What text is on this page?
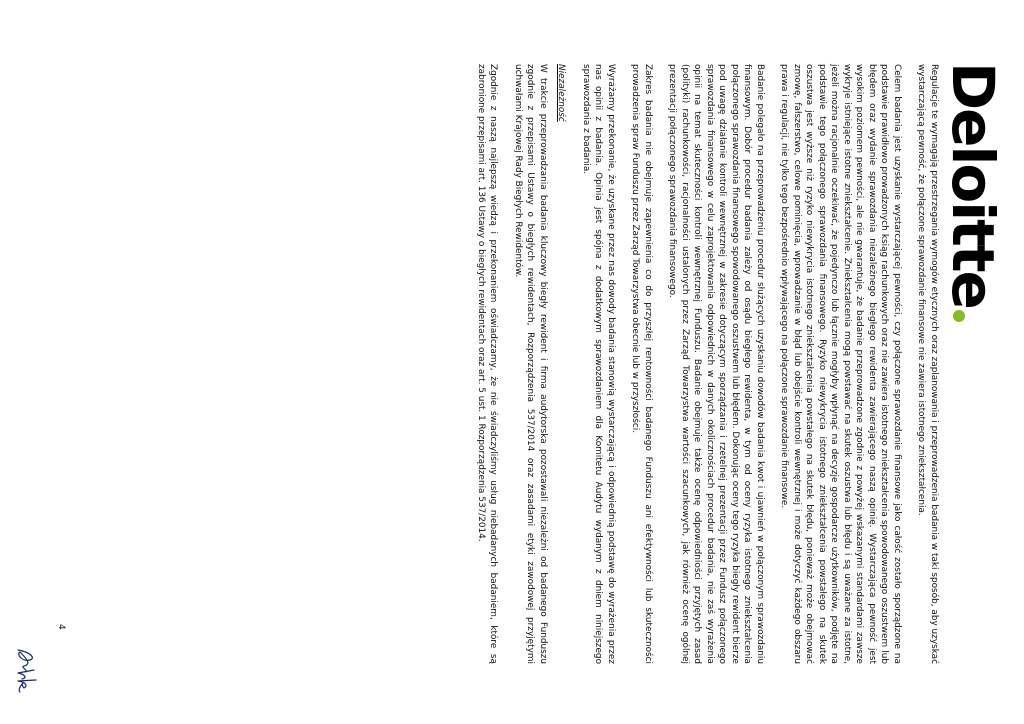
Deloitte

Regulacje te wymagają przestrzegania wymogów etycznych oraz zaplanowania i przeprowadzenia badania w taki sposób, aby uzyskać wystarczającą pewność, że połączone sprawozdanie finansowe nie zawiera istotnego zniekształcenia.

Celem badania jest uzyskanie wystarczającej pewności, czy połączone sprawozdanie finansowe jako całość zostało sporządzone na podstawie prawidłowo prowadzonych ksiąg rachunkowych oraz nie zawiera istotnego zniekształcenia spowodowanego oszustwem lub błędem oraz wydanie sprawozdania niezależnego biegłego rewidenta zawierającego naszą opinię. Wystarczająca pewność jest wysokim poziomem pewności, ale nie gwarantuje, że badanie przeprowadzone zgodnie z powyżej wskazanymi standardami zawsze wykryje istniejące istotne zniekształcenie. Zniekształcenia mogą powstawać na skutek oszustwa lub błędu i są uważane za istotne, jeżeli można racjonalnie oczekiwać, że pojedynczo lub łącznie mogłyby wpłynąć na decyzje gospodarcze użytkowników, podjęte na podstawie tego połączonego sprawozdania finansowego. Ryzyko niewykrycia istotnego zniekształcenia powstałego na skutek oszustwa jest wyższe niż ryzyko niewykrycia istotnego zniekształcenia powstałego na skutek błędu, ponieważ może obejmować zmowę, fałszerstwo, celowe pominięcia, wprowadzanie w błąd lub obejście kontroli wewnętrznej i może dotyczyć każdego obszaru prawa i regulacji, nie tylko tego bezpośrednio wpływającego na połączone sprawozdanie finansowe.

Badanie polegało na przeprowadzeniu procedur służących uzyskaniu dowodów badania kwot i ujawnień w połączonym sprawozdaniu finansowym. Dobór procedur badania zależy od osądu biegłego rewidenta, w tym od oceny ryzyka istotnego zniekształcenia połączonego sprawozdania finansowego spowodowanego oszustwem lub błędem. Dokonując oceny tego ryzyka biegły rewident bierze pod uwagę działanie kontroli wewnętrznej w zakresie dotyczącym sporządzania i rzetelnej prezentacji przez Fundusz połączonego sprawozdania finansowego w celu zaprojektowania odpowiednich w danych okolicznościach procedur badania, nie zaś wyrażenia opinii na temat skuteczności kontroli wewnętrznej Funduszu. Badanie obejmuje także ocenę odpowiedniości przyjętych zasad (polityki) rachunkowości, racjonalności ustalonych przez Zarząd Towarzystwa wartości szacunkowych, jak również ocenę ogólnej prezentacji połączonego sprawozdania finansowego.

Zakres badania nie obejmuje zapewnienia co do przyszłej rentowności badanego Funduszu ani efektywności lub skuteczności prowadzenia spraw Funduszu przez Zarząd Towarzystwa obecnie lub w przyszłości.

Wyrażamy przekonanie, że uzyskane przez nas dowody badania stanowią wystarczającą i odpowiednią podstawę do wyrażenia przez nas opinii z badania. Opinia jest spójna z dodatkowym sprawozdaniem dla Komitetu Audytu wydanym z dniem niniejszego sprawozdania z badania.

Niezależność

W trakcie przeprowadzania badania kluczowy biegły rewident i firma audytorska pozostawali niezależni od badanego Funduszu zgodnie z przepisami Ustawy o biegłych rewidentach, Rozporządzenia 537/2014 oraz zasadami etyki zawodowej przyjętymi uchwałami Krajowej Rady Biegłych Rewidentów.

Zgodnie z naszą najlepszą wiedzą i przekonaniem oświadczamy, że nie świadczyliśmy usług niebadanych badaniem, które są zabronione przepisami art. 136 Ustawy o biegłych rewidentach oraz art. 5 ust. 1 Rozporządzenia 537/2014.

4
